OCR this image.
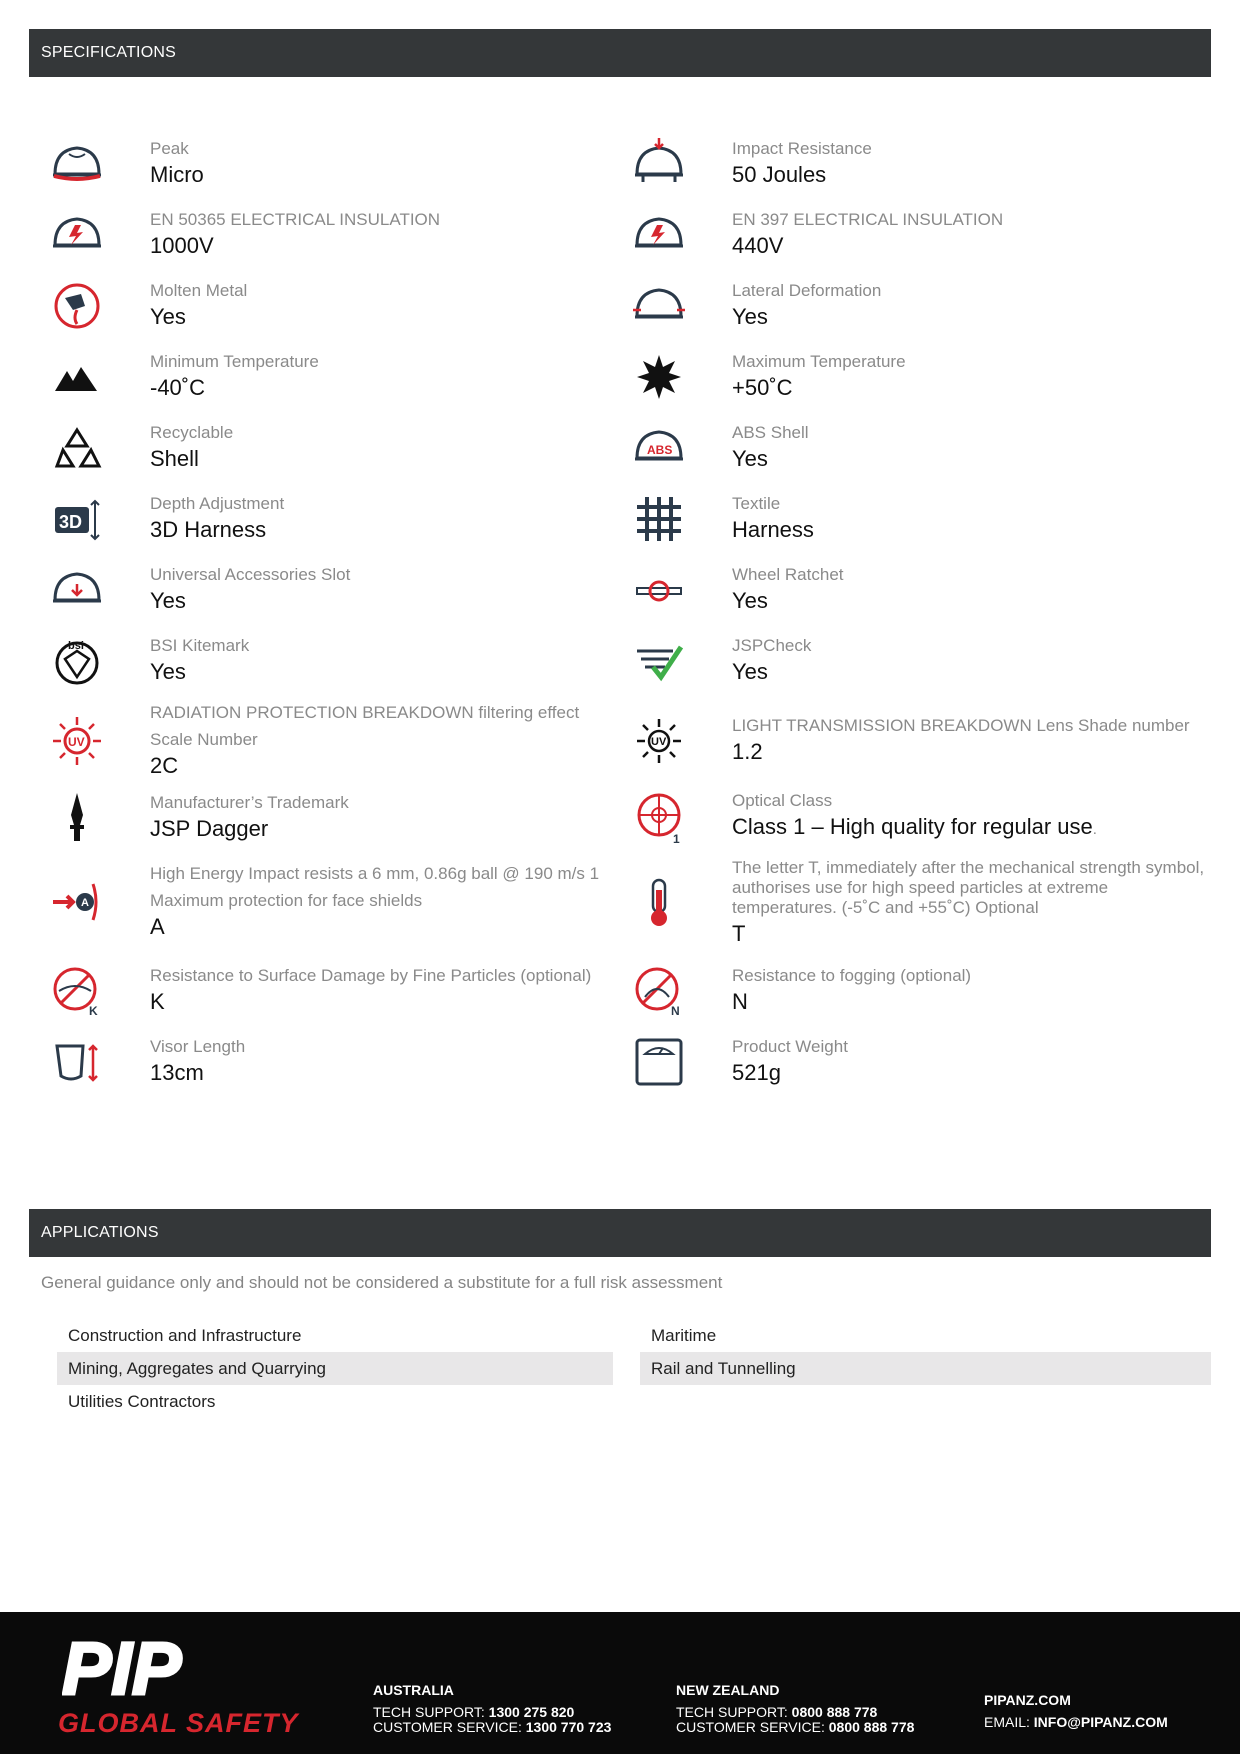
SPECIFICATIONS
Peak
Micro
EN 50365 ELECTRICAL INSULATION
1000V
Molten Metal
Yes
Minimum Temperature
-40˚C
Recyclable
Shell
3D
Depth Adjustment
3D Harness
Universal Accessories Slot
Yes
bsi	BSI Kitemark
Yes
UV
RADIATION PROTECTION BREAKDOWN filtering effect
Scale Number
2C
Manufacturer’s Trademark
JSP Dagger
A
High Energy Impact resists a 6 mm, 0.86g ball @ 190 m/s 1
Maximum protection for face shields
A
K
Resistance to Surface Damage by Fine Particles (optional)
K
Visor Length
13cm
Impact Resistance
50 Joules
EN 397 ELECTRICAL INSULATION
440V
Lateral Deformation
Yes
Maximum Temperature
+50˚C
ABS
ABS Shell
Yes
Textile
Harness
Wheel Ratchet
Yes
JSPCheck
Yes
UV
LIGHT TRANSMISSION BREAKDOWN Lens Shade number
1.2
1
Optical Class
Class 1 – High quality for regular use.
The letter T, immediately after the mechanical strength symbol, authorises use for high speed particles at extreme temperatures. (-5˚C and +55˚C) Optional
T
N
Resistance to fogging (optional)
N
Product Weight
521g
APPLICATIONS
General guidance only and should not be considered a substitute for a full risk assessment
Construction and Infrastructure
Mining, Aggregates and Quarrying
Utilities Contractors
Maritime
Rail and Tunnelling
PIP
GLOBAL SAFETY
AUSTRALIA
TECH SUPPORT: 1300 275 820
CUSTOMER SERVICE: 1300 770 723
NEW ZEALAND
TECH SUPPORT: 0800 888 778
CUSTOMER SERVICE: 0800 888 778
PIPANZ.COM
EMAIL: INFO@PIPANZ.COM
